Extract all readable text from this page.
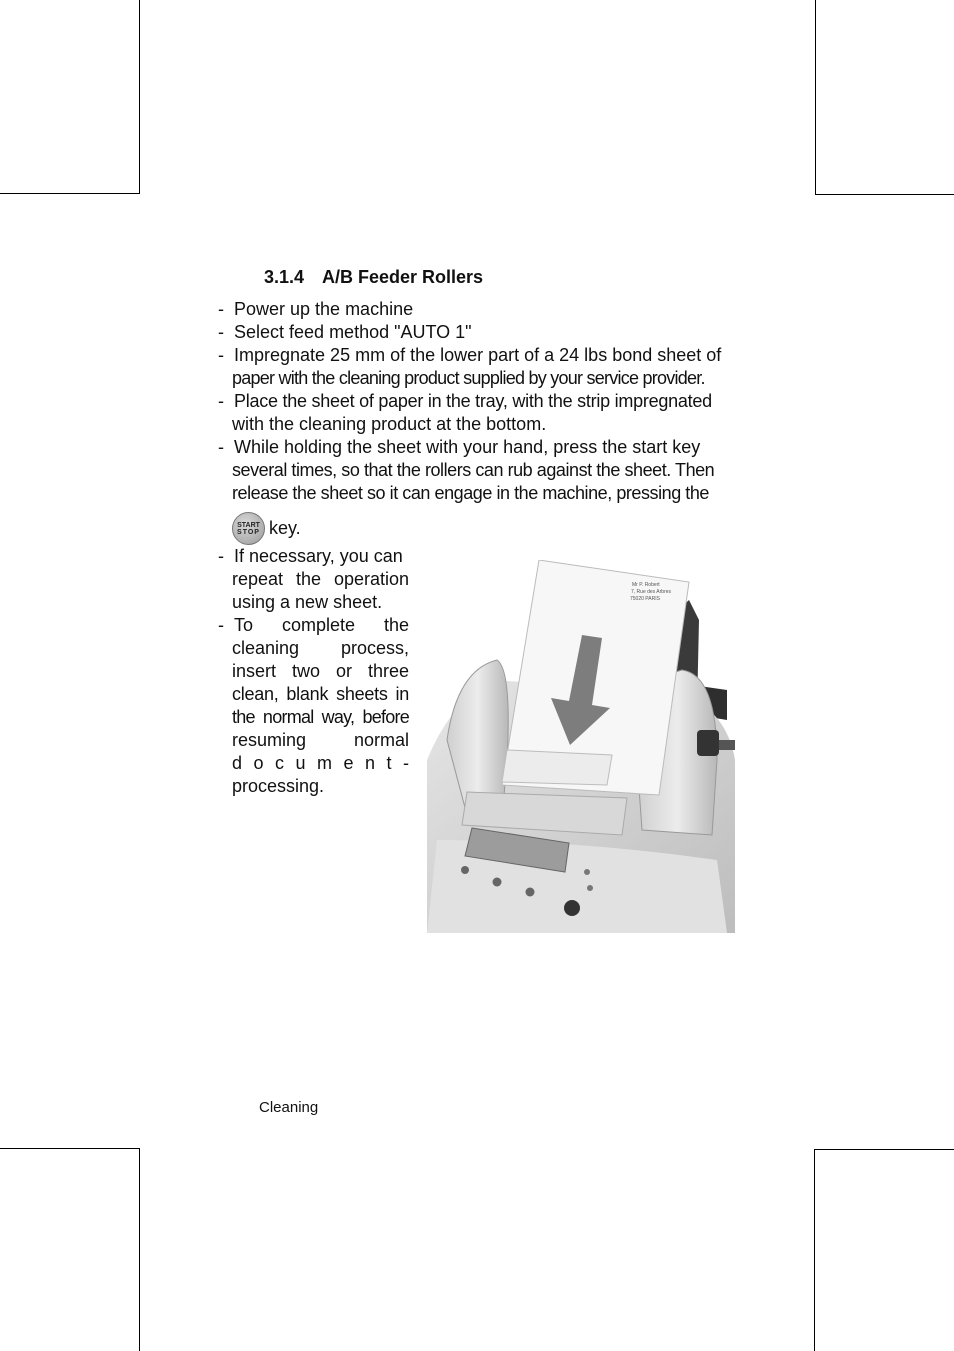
3.1.4 A/B Feeder Rollers
- Power up the machine
- Select feed method "AUTO 1"
- Impregnate 25 mm of the lower part of a 24 lbs bond sheet of
paper with the cleaning product supplied by your service provider.
- Place the sheet of paper in the tray, with the strip impregnated
with the cleaning product at the bottom.
- While holding the sheet with your hand, press the start key
several times, so that the rollers can rub against the sheet. Then
release the sheet so it can engage in the machine, pressing the
START
STOP key.
- If necessary, you can
repeat the operation
using a new sheet.
- To complete the
cleaning process,
insert two or three
clean, blank sheets in
the normal way, before
resuming normal
d o c u m e n t -
processing.
Mr P. Robert
7, Rue des Arbres
75020 PARIS
Cleaning
